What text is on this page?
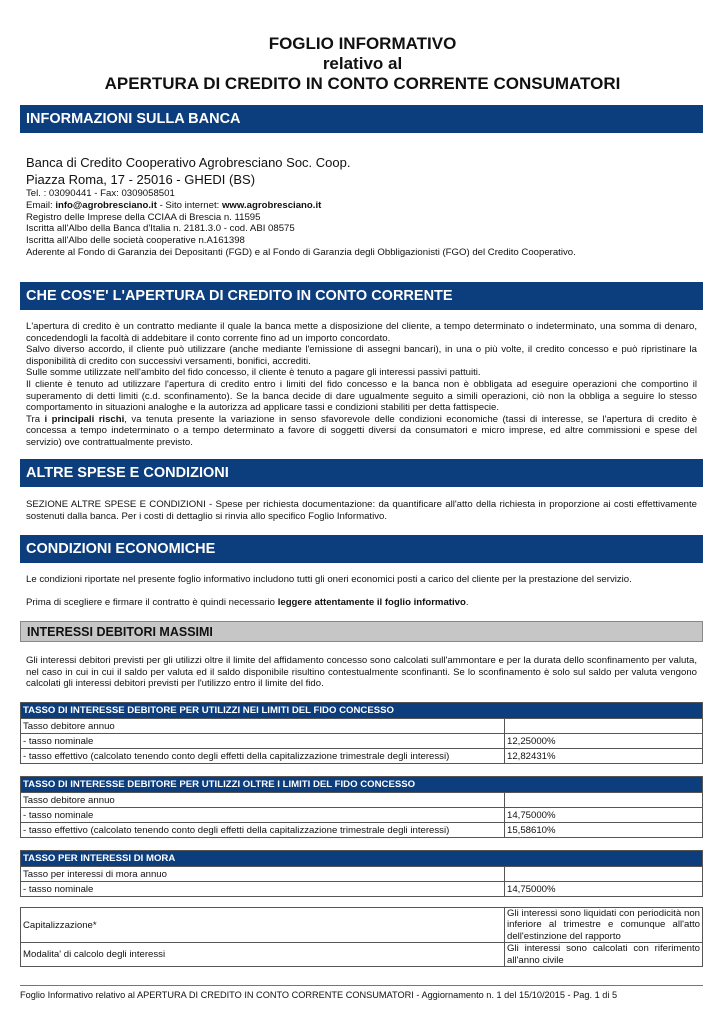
FOGLIO INFORMATIVO
relativo al
APERTURA DI CREDITO IN CONTO CORRENTE CONSUMATORI
INFORMAZIONI SULLA BANCA
Banca di Credito Cooperativo Agrobresciano Soc. Coop.
Piazza Roma, 17 - 25016 - GHEDI (BS)
Tel. : 03090441 - Fax: 0309058501
Email: info@agrobresciano.it - Sito internet: www.agrobresciano.it
Registro delle Imprese della CCIAA di Brescia n. 11595
Iscritta all'Albo della Banca d'Italia n. 2181.3.0 - cod. ABI 08575
Iscritta all'Albo delle società cooperative n.A161398
Aderente al Fondo di Garanzia dei Depositanti (FGD) e al Fondo di Garanzia degli Obbligazionisti (FGO) del Credito Cooperativo.
CHE COS'E' L'APERTURA DI CREDITO IN CONTO CORRENTE
L'apertura di credito è un contratto mediante il quale la banca mette a disposizione del cliente, a tempo determinato o indeterminato, una somma di denaro, concedendogli la facoltà di addebitare il conto corrente fino ad un importo concordato.
Salvo diverso accordo, il cliente può utilizzare (anche mediante l'emissione di assegni bancari), in una o più volte, il credito concesso e può ripristinare la disponibilità di credito con successivi versamenti, bonifici, accrediti.
Sulle somme utilizzate nell'ambito del fido concesso, il cliente è tenuto a pagare gli interessi passivi pattuiti.
Il cliente è tenuto ad utilizzare l'apertura di credito entro i limiti del fido concesso e la banca non è obbligata ad eseguire operazioni che comportino il superamento di detti limiti (c.d. sconfinamento). Se la banca decide di dare ugualmente seguito a simili operazioni, ciò non la obbliga a seguire lo stesso comportamento in situazioni analoghe e la autorizza ad applicare tassi e condizioni stabiliti per detta fattispecie.
Tra i principali rischi, va tenuta presente la variazione in senso sfavorevole delle condizioni economiche (tassi di interesse, se l'apertura di credito è concessa a tempo indeterminato o a tempo determinato a favore di soggetti diversi da consumatori e micro imprese, ed altre commissioni e spese del servizio) ove contrattualmente previsto.
ALTRE SPESE E CONDIZIONI
SEZIONE ALTRE SPESE E CONDIZIONI - Spese per richiesta documentazione: da quantificare all'atto della richiesta in proporzione ai costi effettivamente sostenuti dalla banca. Per i costi di dettaglio si rinvia allo specifico Foglio Informativo.
CONDIZIONI ECONOMICHE
Le condizioni riportate nel presente foglio informativo includono tutti gli oneri economici posti a carico del cliente per la prestazione del servizio.
Prima di scegliere e firmare il contratto è quindi necessario leggere attentamente il foglio informativo.
INTERESSI DEBITORI MASSIMI
Gli interessi debitori previsti per gli utilizzi oltre il limite del affidamento concesso sono calcolati sull'ammontare e per la durata dello sconfinamento per valuta, nel caso in cui in cui il saldo per valuta ed il saldo disponibile risultino contestualmente sconfinanti. Se lo sconfinamento è solo sul saldo per valuta vengono calcolati gli interessi debitori previsti per l'utilizzo entro il limite del fido.
TASSO DI INTERESSE DEBITORE PER UTILIZZI NEI LIMITI DEL FIDO CONCESSO	
Tasso debitore annuo	
- tasso nominale	12,25000%
- tasso effettivo (calcolato tenendo conto degli effetti della capitalizzazione trimestrale degli interessi)	12,82431%
TASSO DI INTERESSE DEBITORE PER UTILIZZI OLTRE I LIMITI DEL FIDO CONCESSO	
Tasso debitore annuo	
- tasso nominale	14,75000%
- tasso effettivo (calcolato tenendo conto degli effetti della capitalizzazione trimestrale degli interessi)	15,58610%
TASSO PER INTERESSI DI MORA	
Tasso per interessi di mora annuo	
- tasso nominale	14,75000%
Capitalizzazione*	Gli interessi sono liquidati con periodicità non inferiore al trimestre e comunque all'atto dell'estinzione del rapporto
Modalita' di calcolo degli interessi	Gli interessi sono calcolati con riferimento all'anno civile
Foglio Informativo relativo al APERTURA DI CREDITO IN CONTO CORRENTE CONSUMATORI - Aggiornamento n. 1 del 15/10/2015 - Pag. 1 di 5
